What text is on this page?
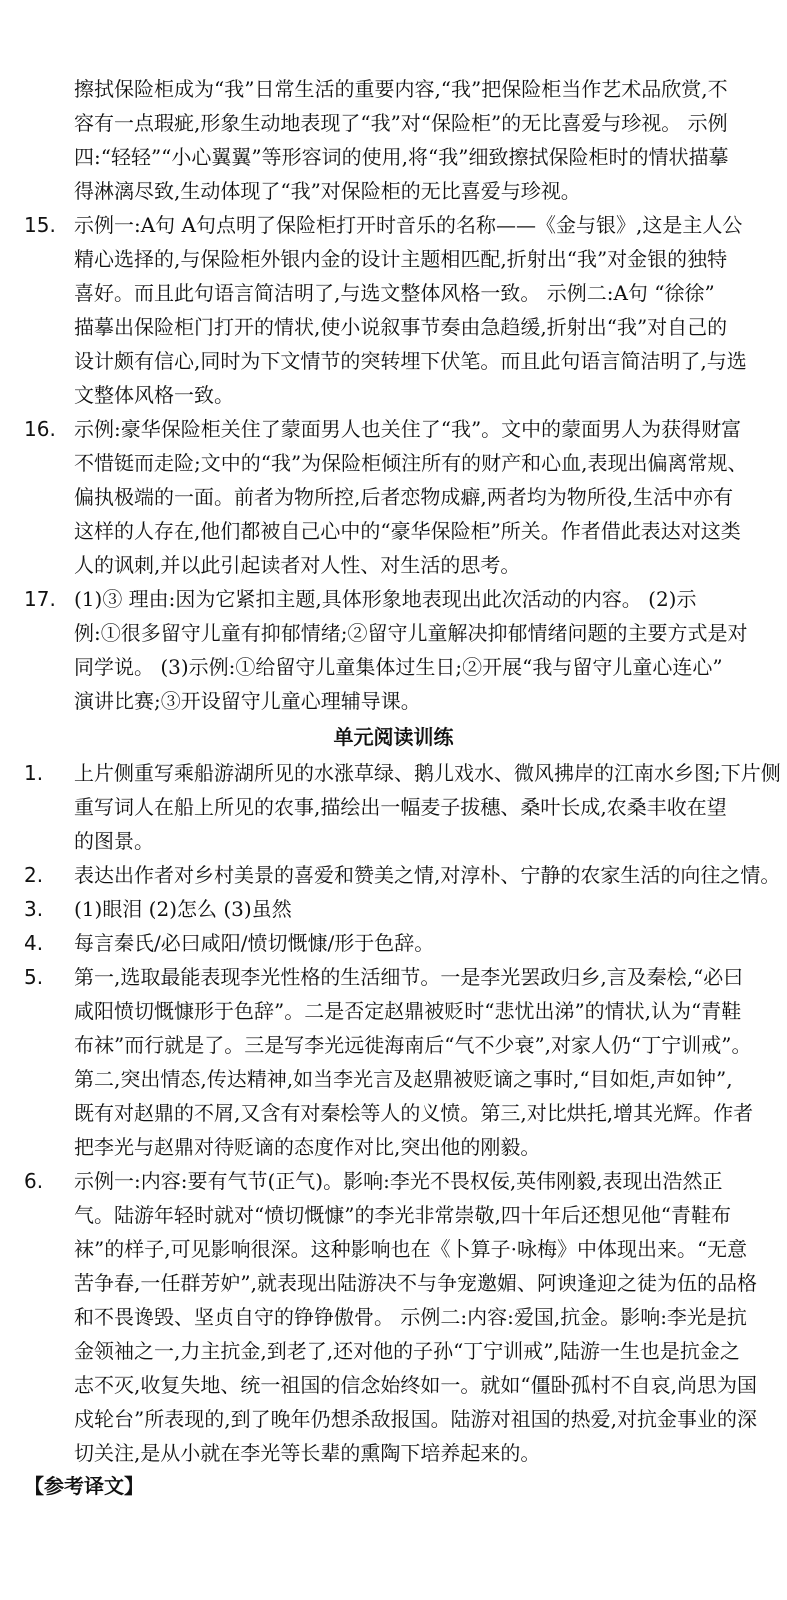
擦拭保险柜成为“我”日常生活的重要内容,“我”把保险柜当作艺术品欣赏,不
容有一点瑕疵,形象生动地表现了“我”对“保险柜”的无比喜爱与珍视。 示例
四:“轻轻”“小心翼翼”等形容词的使用,将“我”细致擦拭保险柜时的情状描摹
得淋漓尽致,生动体现了“我”对保险柜的无比喜爱与珍视。
15. 示例一:A句 A句点明了保险柜打开时音乐的名称——《金与银》,这是主人公
精心选择的,与保险柜外银内金的设计主题相匹配,折射出“我”对金银的独特
喜好。而且此句语言简洁明了,与选文整体风格一致。 示例二:A句 “徐徐”
描摹出保险柜门打开的情状,使小说叙事节奏由急趋缓,折射出“我”对自己的
设计颇有信心,同时为下文情节的突转埋下伏笔。而且此句语言简洁明了,与选
文整体风格一致。
16. 示例:豪华保险柜关住了蒙面男人也关住了“我”。文中的蒙面男人为获得财富
不惜铤而走险;文中的“我”为保险柜倾注所有的财产和心血,表现出偏离常规、
偏执极端的一面。前者为物所控,后者恋物成癖,两者均为物所役,生活中亦有
这样的人存在,他们都被自己心中的“豪华保险柜”所关。作者借此表达对这类
人的讽刺,并以此引起读者对人性、对生活的思考。
17. (1)③ 理由:因为它紧扣主题,具体形象地表现出此次活动的内容。 (2)示
例:①很多留守儿童有抑郁情绪;②留守儿童解决抑郁情绪问题的主要方式是对
同学说。 (3)示例:①给留守儿童集体过生日;②开展“我与留守儿童心连心”
演讲比赛;③开设留守儿童心理辅导课。
单元阅读训练
1. 上片侧重写乘船游湖所见的水涨草绿、鹅儿戏水、微风拂岸的江南水乡图;下片侧
重写词人在船上所见的农事,描绘出一幅麦子拔穗、桑叶长成,农桑丰收在望
的图景。
2. 表达出作者对乡村美景的喜爱和赞美之情,对淳朴、宁静的农家生活的向往之情。
3. (1)眼泪 (2)怎么 (3)虽然
4. 每言秦氏/必曰咸阳/愤切慨慷/形于色辞。
5. 第一,选取最能表现李光性格的生活细节。一是李光罢政归乡,言及秦桧,“必曰
咸阳愤切慨慷形于色辞”。二是否定赵鼎被贬时“悲忧出涕”的情状,认为“青鞋
布袜”而行就是了。三是写李光远徙海南后“气不少衰”,对家人仍“丁宁训戒”。
第二,突出情态,传达精神,如当李光言及赵鼎被贬谪之事时,“目如炬,声如钟”,
既有对赵鼎的不屑,又含有对秦桧等人的义愤。第三,对比烘托,增其光辉。作者
把李光与赵鼎对待贬谪的态度作对比,突出他的刚毅。
6. 示例一:内容:要有气节(正气)。影响:李光不畏权佞,英伟刚毅,表现出浩然正
气。陆游年轻时就对“愤切慨慷”的李光非常崇敬,四十年后还想见他“青鞋布
袜”的样子,可见影响很深。这种影响也在《卜算子·咏梅》中体现出来。“无意
苦争春,一任群芳妒”,就表现出陆游决不与争宠邀媚、阿谀逢迎之徒为伍的品格
和不畏谗毁、坚贞自守的铮铮傲骨。 示例二:内容:爱国,抗金。影响:李光是抗
金领袖之一,力主抗金,到老了,还对他的子孙“丁宁训戒”,陆游一生也是抗金之
志不灭,收复失地、统一祖国的信念始终如一。就如“僵卧孤村不自哀,尚思为国
戍轮台”所表现的,到了晚年仍想杀敌报国。陆游对祖国的热爱,对抗金事业的深
切关注,是从小就在李光等长辈的熏陶下培养起来的。
【参考译文】
